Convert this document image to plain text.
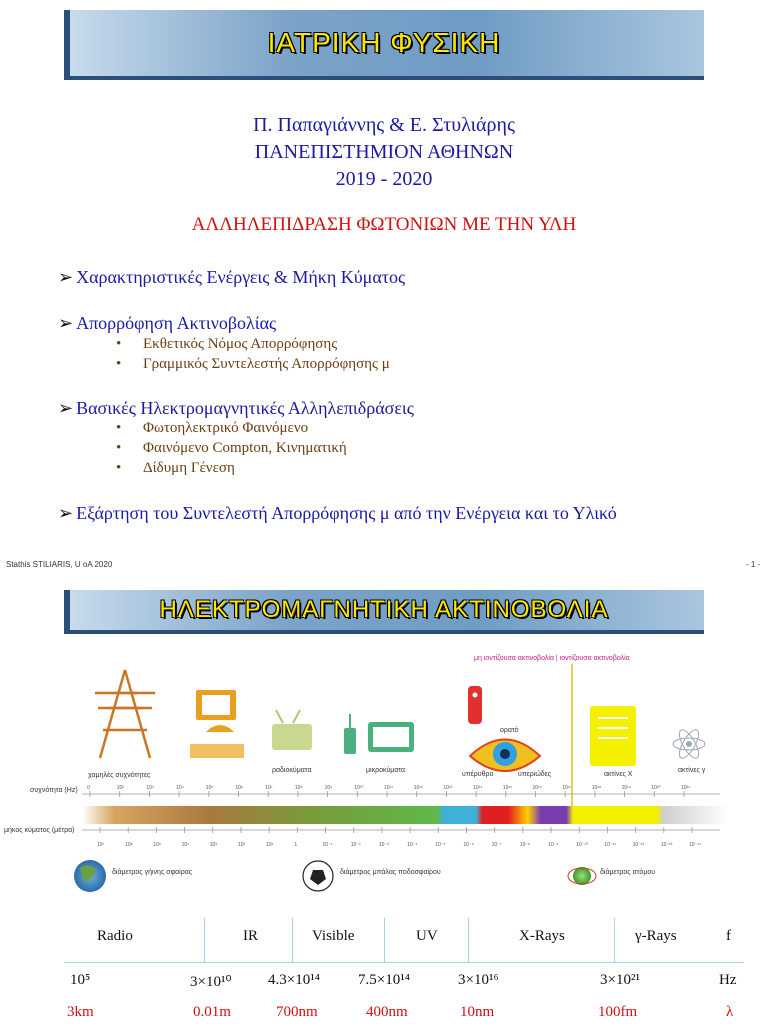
ΙΑΤΡΙΚΗ ΦΥΣΙΚΗ
Π. Παπαγιάννης & Ε. Στυλιάρης
ΠΑΝΕΠΙΣΤΗΜΙΟΝ ΑΘΗΝΩΝ
2019 - 2020
ΑΛΛΗΛΕΠΙΔΡΑΣΗ ΦΩΤΟΝΙΩΝ ΜΕ ΤΗΝ ΥΛΗ
➢ Χαρακτηριστικές Ενέργεις & Μήκη Κύματος
➢ Απορρόφηση Ακτινοβολίας
• Εκθετικός Νόμος Απορρόφησης
• Γραμμικός Συντελεστής Απορρόφησης μ
➢ Βασικές Ηλεκτρομαγνητικές Αλληλεπιδράσεις
• Φωτοηλεκτρικό Φαινόμενο
• Φαινόμενο Compton, Κινηματική
• Δίδυμη Γένεση
➢ Εξάρτηση του Συντελεστή Απορρόφησης μ από την Ενέργεια και το Υλικό
Stathis STILIARIS, U oA 2020	- 1 -
ΗΛΕΚΤΡΟΜΑΓΝΗΤΙΚΗ ΑΚΤΙΝΟΒΟΛΙΑ
μη ιοντίζουσα ακτινοβολία | ιοντίζουσα ακτινοβολία
χαμηλές συχνότητες
ραδιοκύματα	μικροκύματα
υπέρυθρο
ορατό
υπεριώδες	ακτίνες Χ
ακτίνες γ
συχνότητα (Hz) 0	10²	10³	10⁴	10⁵	10⁶	10⁷	10⁸	10⁹	10¹⁰	10¹¹	10¹²	10¹³	10¹⁴	10¹⁵	10¹⁶	10¹⁷	10¹⁸	10¹⁹	10²⁰	10²¹
μήκος κύματος (μέτρα)
10⁷	10⁶	10⁵	10⁴	10³	10²	10¹	1	10⁻¹	10⁻²	10⁻³	10⁻⁴	10⁻⁵	10⁻⁶	10⁻⁷	10⁻⁸	10⁻⁹	10⁻¹⁰	10⁻¹¹	10⁻¹²	10⁻¹³	10⁻¹⁴
διάμετρος γήινης σφαίρας	διάμετρος μπάλας ποδοσφαίρου	διάμετρος ατόμου
Radio	IR	Visible	UV	X-Rays	γ-Rays	f
10⁵	3×10¹⁰ 4.3×10¹⁴	7.5×10¹⁴	3×10¹⁶	3×10²¹	Hz
3km	0.01m	700nm	400nm	10nm	100fm	λ
